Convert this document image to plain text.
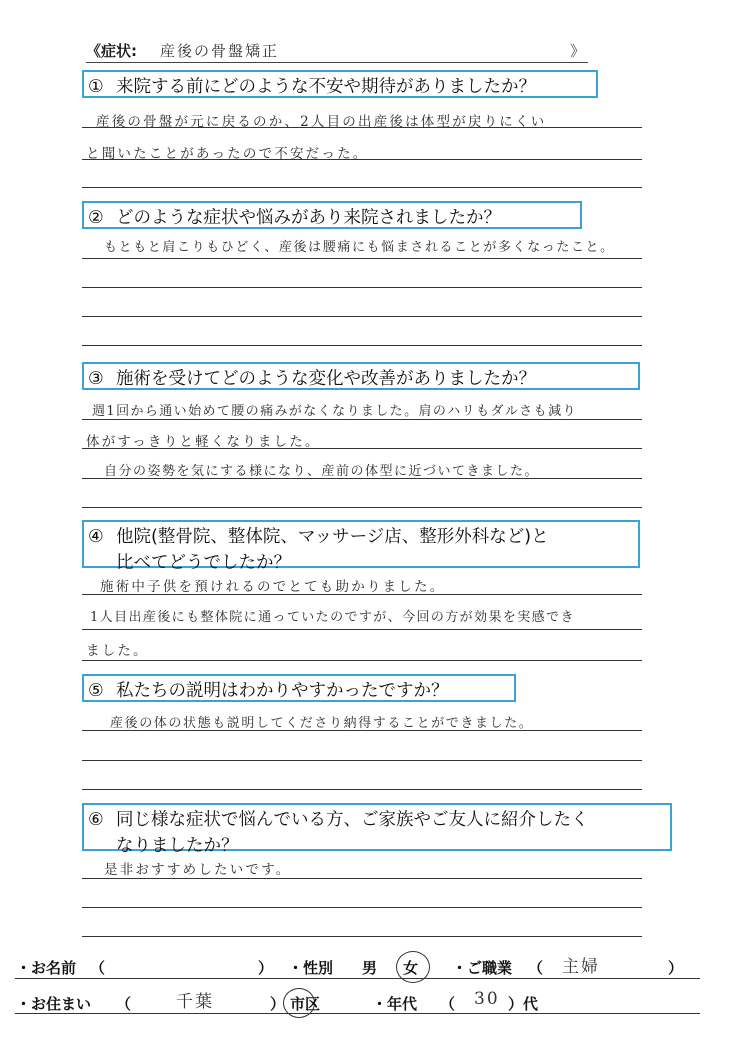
《症状: 産後の骨盤矯正	》
① 来院する前にどのような不安や期待がありましたか？
産後の骨盤が元に戻るのか、2人目の出産後は体型が戻りにくい
と聞いたことがあったので不安だった。
② どのような症状や悩みがあり来院されましたか？
もともと肩こりもひどく、産後は腰痛にも悩まされることが多くなったこと。
③ 施術を受けてどのような変化や改善がありましたか？
週1回から通い始めて腰の痛みがなくなりました。肩のハリもダルさも減り
体がすっきりと軽くなりました。
自分の姿勢を気にする様になり、産前の体型に近づいてきました。
④ 他院(整骨院、整体院、マッサージ店、整形外科など)と
比べてどうでしたか？
施術中子供を預けれるのでとても助かりました。
1人目出産後にも整体院に通っていたのですが、今回の方が効果を実感でき
ました。
⑤ 私たちの説明はわかりやすかったですか？
産後の体の状態も説明してくださり納得することができました。
⑥ 同じ様な症状で悩んでいる方、ご家族やご友人に紹介したく
なりましたか？
是非おすすめしたいです。
・お名前 （	） ・性別 男 女 ・ご職業 （ 主婦	）
・お住まい （	千葉	） 市区	・年代 （ 30 ）代
